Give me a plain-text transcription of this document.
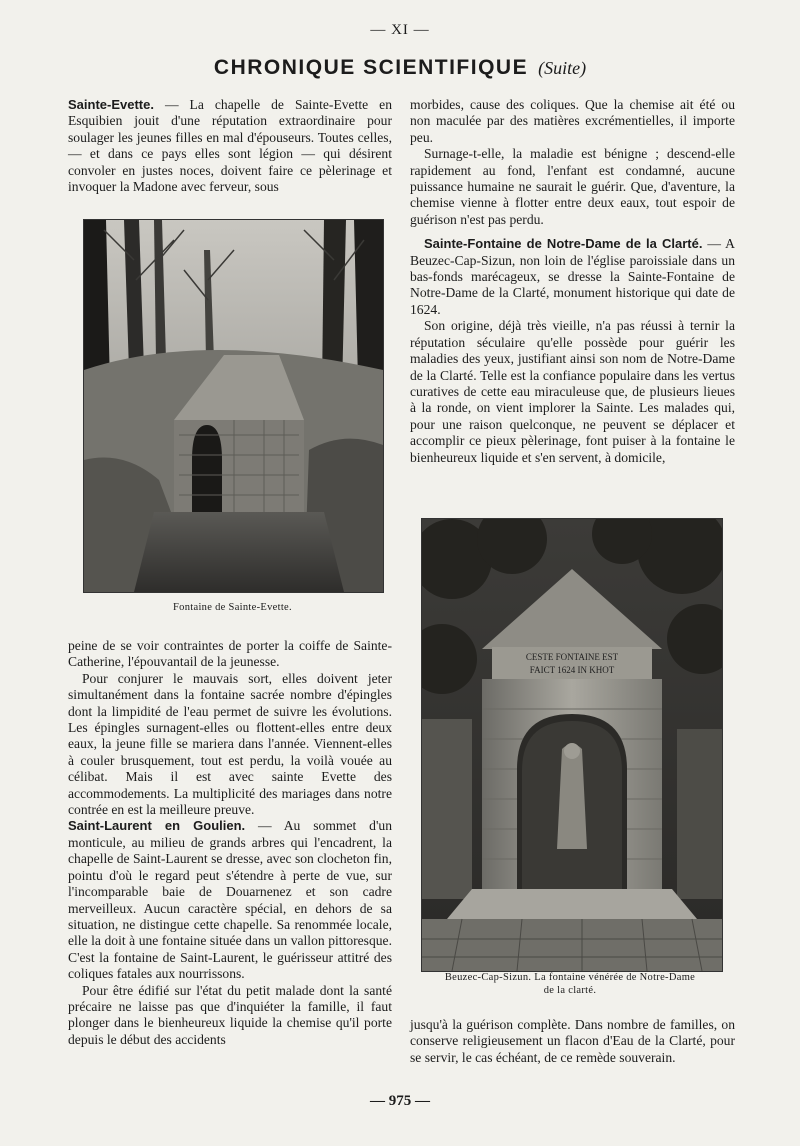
— XI —
CHRONIQUE SCIENTIFIQUE (Suite)

Sainte-Evette. — La chapelle de Sainte-Evette en Esquibien jouit d'une réputation extraordinaire pour soulager les jeunes filles en mal d'épouseurs. Toutes celles, — et dans ce pays elles sont légion — qui désirent convoler en justes noces, doivent faire ce pèlerinage et invoquer la Madone avec ferveur, sous

Fontaine de Sainte-Evette.

peine de se voir contraintes de porter la coiffe de Sainte-Catherine, l'épouvantail de la jeunesse.

Pour conjurer le mauvais sort, elles doivent jeter simultanément dans la fontaine sacrée nombre d'épingles dont la limpidité de l'eau permet de suivre les évolutions. Les épingles surnagent-elles ou flottent-elles entre deux eaux, la jeune fille se mariera dans l'année. Viennent-elles à couler brusquement, tout est perdu, la voilà vouée au célibat. Mais il est avec sainte Evette des accommodements. La multiplicité des mariages dans notre contrée en est la meilleure preuve.

Saint-Laurent en Goulien. — Au sommet d'un monticule, au milieu de grands arbres qui l'encadrent, la chapelle de Saint-Laurent se dresse, avec son clocheton fin, pointu d'où le regard peut s'étendre à perte de vue, sur l'incomparable baie de Douarnenez et son cadre merveilleux. Aucun caractère spécial, en dehors de sa situation, ne distingue cette chapelle. Sa renommée locale, elle la doit à une fontaine située dans un vallon pittoresque. C'est la fontaine de Saint-Laurent, le guérisseur attitré des coliques fatales aux nourrissons.

Pour être édifié sur l'état du petit malade dont la santé précaire ne laisse pas que d'inquiéter la famille, il faut plonger dans le bienheureux liquide la chemise qu'il porte depuis le début des accidents

morbides, cause des coliques. Que la chemise ait été ou non maculée par des matières excrémentielles, il importe peu.

Surnage-t-elle, la maladie est bénigne ; descend-elle rapidement au fond, l'enfant est condamné, aucune puissance humaine ne saurait le guérir. Que, d'aventure, la chemise vienne à flotter entre deux eaux, tout espoir de guérison n'est pas perdu.

Sainte-Fontaine de Notre-Dame de la Clarté. — A Beuzec-Cap-Sizun, non loin de l'église paroissiale dans un bas-fonds marécageux, se dresse la Sainte-Fontaine de Notre-Dame de la Clarté, monument historique qui date de 1624.

Son origine, déjà très vieille, n'a pas réussi à ternir la réputation séculaire qu'elle possède pour guérir les maladies des yeux, justifiant ainsi son nom de Notre-Dame de la Clarté. Telle est la confiance populaire dans les vertus curatives de cette eau miraculeuse que, de plusieurs lieues à la ronde, on vient implorer la Sainte. Les malades qui, pour une raison quelconque, ne peuvent se déplacer et accomplir ce pieux pèlerinage, font puiser à la fontaine le bienheureux liquide et s'en servent, à domicile,

CESTE FONTAINE EST
FAICT 1624 IN KHOT
Beuzec-Cap-Sizun. La fontaine vénérée de Notre-Dame
de la clarté.

jusqu'à la guérison complète. Dans nombre de familles, on conserve religieusement un flacon d'Eau de la Clarté, pour se servir, le cas échéant, de ce remède souverain.

— 975 —
